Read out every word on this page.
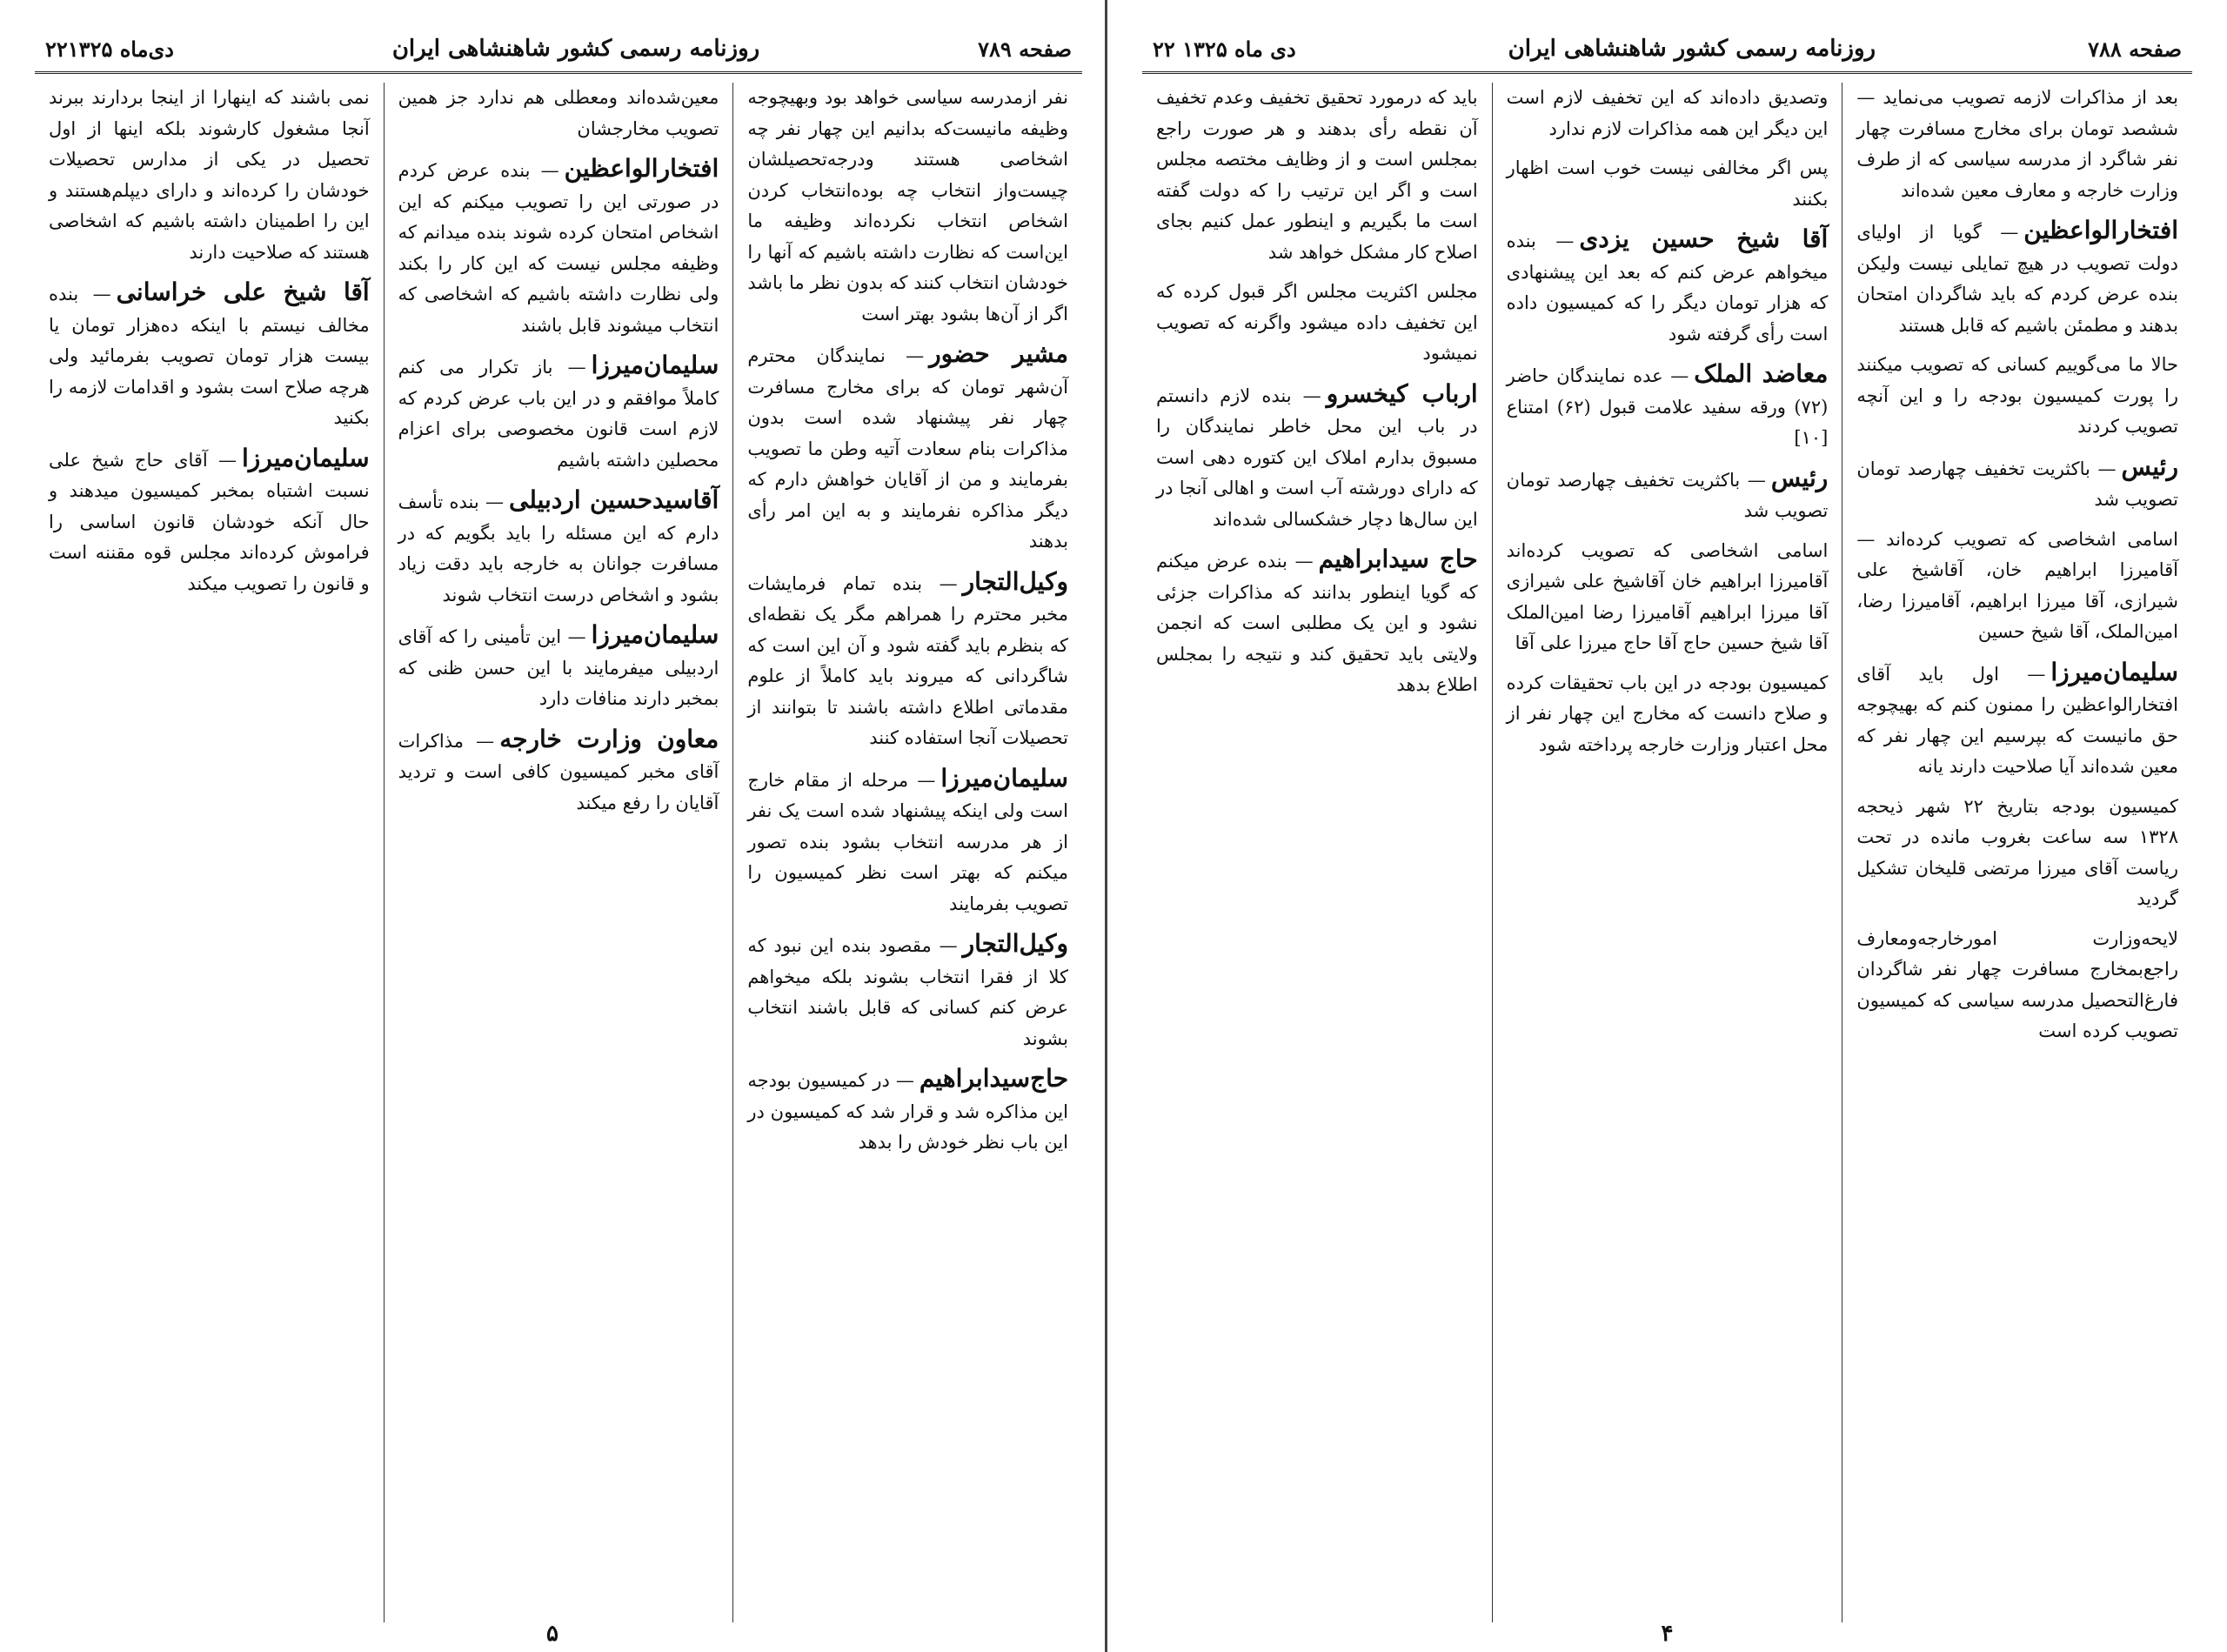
۲۲دی‌ماه ۱۳۲۵	روزنامه رسمی کشور شاهنشاهی ایران	صفحه ۷۸۹

نفر ازمدرسه سیاسی خواهد بود وبهیچوجه وظیفه مانیست‌که بدانیم این چهار نفر چه اشخاصی هستند ودرجه‌تحصیلشان چیست‌واز انتخاب چه بوده‌انتخاب کردن اشخاص انتخاب نکرده‌اند وظیفه ما این‌است که نظارت داشته باشیم که آنها را خودشان انتخاب کنند که بدون نظر ما باشد اگر از آن‌ها بشود بهتر است

مشیر حضور— نمایندگان محترم آن‌شهر تومان که برای مخارج مسافرت چهار نفر پیشنهاد شده است بدون مذاکرات بنام سعادت آتیه وطن ما تصویب بفرمایند و من از آقایان خواهش دارم که دیگر مذاکره نفرمایند و به این امر رأی بدهند

وکیل‌التجار— بنده تمام فرمایشات مخبر محترم را همراهم مگر یک نقطه‌ای که بنظرم باید گفته شود و آن این است که شاگردانی که میروند باید کاملاً از علوم مقدماتی اطلاع داشته باشند تا بتوانند از تحصیلات آنجا استفاده کنند

سلیمان‌میرزا— مرحله از مقام خارج است ولی اینکه پیشنهاد شده است یک نفر از هر مدرسه انتخاب بشود بنده تصور میکنم که بهتر است نظر کمیسیون را تصویب بفرمایند

وکیل‌التجار— مقصود بنده این نبود که کلا از فقرا انتخاب بشوند بلکه میخواهم عرض کنم کسانی که قابل باشند انتخاب بشوند

حاج‌سیدابراهیم— در کمیسیون بودجه این مذاکره شد و قرار شد که کمیسیون در این باب نظر خودش را بدهد

معین‌شده‌اند ومعطلی هم ندارد جز همین تصویب مخارجشان

افتخارالواعظین— بنده عرض کردم در صورتی این را تصویب میکنم که این اشخاص امتحان کرده شوند بنده میدانم که وظیفه مجلس نیست که این کار را بکند ولی نظارت داشته باشیم که اشخاصی که انتخاب میشوند قابل باشند

سلیمان‌میرزا— باز تکرار می کنم کاملاً موافقم و در این باب عرض کردم که لازم است قانون مخصوصی برای اعزام محصلین داشته باشیم

آقاسیدحسین اردبیلی— بنده تأسف دارم که این مسئله را باید بگویم که در مسافرت جوانان به خارجه باید دقت زیاد بشود و اشخاص درست انتخاب شوند

سلیمان‌میرزا— این تأمینی را که آقای اردبیلی میفرمایند با این حسن ظنی که بمخبر دارند منافات دارد

معاون وزارت خارجه— مذاکرات آقای مخبر کمیسیون کافی است و تردید آقایان را رفع میکند

نمی باشند که اینهارا از اینجا بردارند ببرند آنجا مشغول کارشوند بلکه اینها از اول تحصیل در یکی از مدارس تحصیلات خودشان را کرده‌اند و دارای دیپلم‌هستند و این را اطمینان داشته باشیم که اشخاصی هستند که صلاحیت دارند

آقا شیخ علی خراسانی— بنده مخالف نیستم با اینکه ده‌هزار تومان یا بیست هزار تومان تصویب بفرمائید ولی هرچه صلاح است بشود و اقدامات لازمه را بکنید

سلیمان‌میرزا— آقای حاج شیخ علی نسبت اشتباه بمخبر کمیسیون میدهند و حال آنکه خودشان قانون اساسی را فراموش کرده‌اند مجلس قوه مقننه است و قانون را تصویب میکند

۵
۲۲ دی ماه ۱۳۲۵	روزنامه رسمی کشور شاهنشاهی ایران	صفحه ۷۸۸

بعد از مذاکرات لازمه تصویب می‌نماید — ششصد تومان برای مخارج مسافرت چهار نفر شاگرد از مدرسه سیاسی که از طرف وزارت خارجه و معارف معین شده‌اند

افتخارالواعظین— گویا از اولیای دولت تصویب در هیچ تمایلی نیست ولیکن بنده عرض کردم که باید شاگردان امتحان بدهند و مطمئن باشیم که قابل هستند

حالا ما می‌گوییم کسانی که تصویب میکنند را پورت کمیسیون بودجه را و این آنچه تصویب کردند

رئیس— باکثریت تخفیف چهارصد تومان تصویب شد

اسامی اشخاصی که تصویب کرده‌اند — آقامیرزا ابراهیم خان، آقاشیخ علی شیرازی، آقا میرزا ابراهیم، آقامیرزا رضا، امین‌الملک، آقا شیخ حسین

سلیمان‌میرزا— اول باید آقای افتخارالواعظین را ممنون کنم که بهیچوجه حق مانیست که بپرسیم این چهار نفر که معین شده‌اند آیا صلاحیت دارند یانه

کمیسیون بودجه بتاریخ ۲۲ شهر ذیحجه ۱۳۲۸ سه ساعت بغروب مانده در تحت ریاست آقای میرزا مرتضی قلیخان تشکیل گردید

لایحه‌وزارت امورخارجه‌ومعارف راجع‌بمخارج مسافرت چهار نفر شاگردان فارغ‌التحصیل مدرسه سیاسی که کمیسیون تصویب کرده است

وتصدیق داده‌اند که این تخفیف لازم است این دیگر این همه مذاکرات لازم ندارد

پس اگر مخالفی نیست خوب است اظهار بکنند

آقا شیخ حسین یزدی— بنده میخواهم عرض کنم که بعد این پیشنهادی که هزار تومان دیگر را که کمیسیون داده است رأی گرفته شود

معاضد الملک— عده نمایندگان حاضر (۷۲) ورقه سفید علامت قبول (۶۲) امتناع [۱۰]

رئیس— باکثریت تخفیف چهارصد تومان تصویب شد

اسامی اشخاصی که تصویب کرده‌اند آقامیرزا ابراهیم خان آقاشیخ علی شیرازی آقا میرزا ابراهیم آقامیرزا رضا امین‌الملک آقا شیخ حسین حاج آقا حاج میرزا علی آقا

کمیسیون بودجه در این باب تحقیقات کرده و صلاح دانست که مخارج این چهار نفر از محل اعتبار وزارت خارجه پرداخته شود

باید که درمورد تحقیق تخفیف وعدم تخفیف آن نقطه رأی بدهند و هر صورت راجع بمجلس است و از وظایف مختصه مجلس است و اگر این ترتیب را که دولت گفته است ما بگیریم و اینطور عمل کنیم بجای اصلاح کار مشکل خواهد شد

مجلس اکثریت مجلس اگر قبول کرده که این تخفیف داده میشود واگرنه که تصویب نمیشود

ارباب کیخسرو— بنده لازم دانستم در باب این محل خاطر نمایندگان را مسبوق بدارم املاک این کتوره دهی است که دارای دورشته آب است و اهالی آنجا در این سال‌ها دچار خشکسالی شده‌اند

حاج سیدابراهیم— بنده عرض میکنم که گویا اینطور بدانند که مذاکرات جزئی نشود و این یک مطلبی است که انجمن ولایتی باید تحقیق کند و نتیجه را بمجلس اطلاع بدهد

۴
